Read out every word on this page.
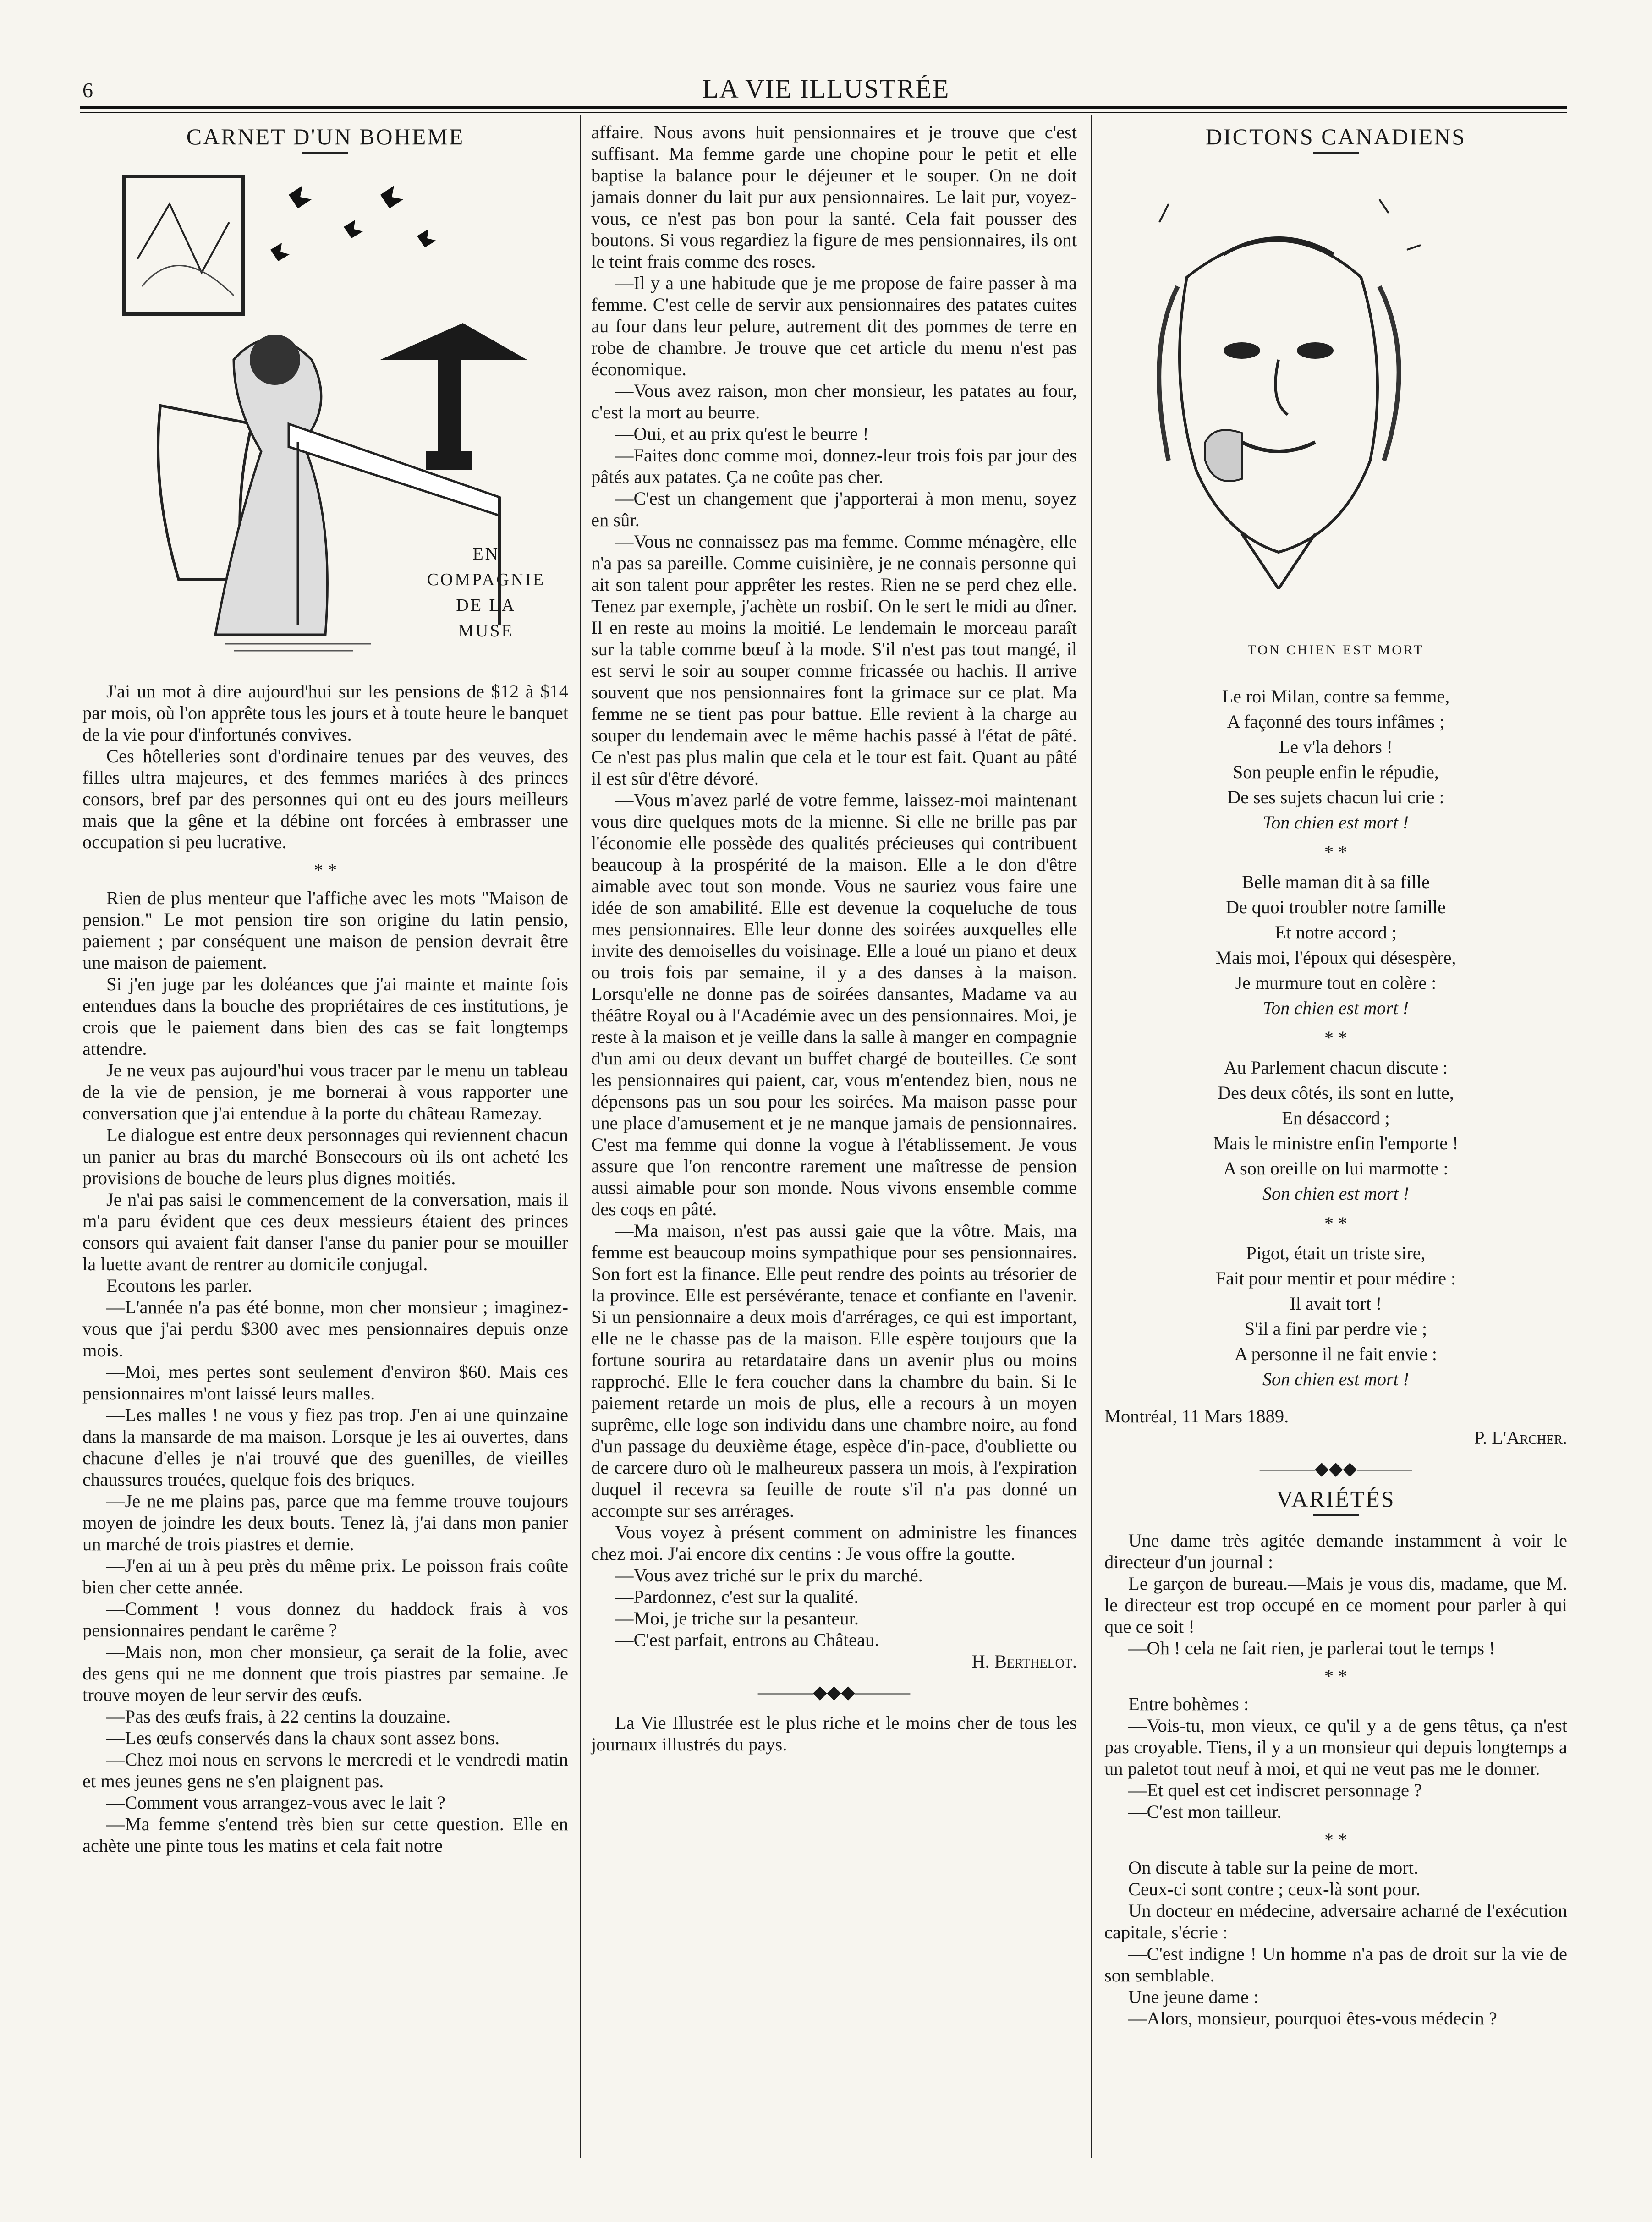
6	LA VIE ILLUSTRÉE
CARNET D'UN BOHEME
EN
COMPAGNIE
DE LA
MUSE

J'ai un mot à dire aujourd'hui sur les pensions de $12 à $14 par mois, où l'on apprête tous les jours et à toute heure le banquet de la vie pour d'infortunés convives.

Ces hôtelleries sont d'ordinaire tenues par des veuves, des filles ultra majeures, et des femmes mariées à des princes consors, bref par des personnes qui ont eu des jours meilleurs mais que la gêne et la débine ont forcées à embrasser une occupation si peu lucrative.

* *

Rien de plus menteur que l'affiche avec les mots "Maison de pension." Le mot pension tire son origine du latin pensio, paiement ; par conséquent une maison de pension devrait être une maison de paiement.

Si j'en juge par les doléances que j'ai mainte et mainte fois entendues dans la bouche des propriétaires de ces institutions, je crois que le paiement dans bien des cas se fait longtemps attendre.

Je ne veux pas aujourd'hui vous tracer par le menu un tableau de la vie de pension, je me bornerai à vous rapporter une conversation que j'ai entendue à la porte du château Ramezay.

Le dialogue est entre deux personnages qui reviennent chacun un panier au bras du marché Bonsecours où ils ont acheté les provisions de bouche de leurs plus dignes moitiés.

Je n'ai pas saisi le commencement de la conversation, mais il m'a paru évident que ces deux messieurs étaient des princes consors qui avaient fait danser l'anse du panier pour se mouiller la luette avant de rentrer au domicile conjugal.

Ecoutons les parler.

—L'année n'a pas été bonne, mon cher monsieur ; imaginez-vous que j'ai perdu $300 avec mes pensionnaires depuis onze mois.

—Moi, mes pertes sont seulement d'environ $60. Mais ces pensionnaires m'ont laissé leurs malles.

—Les malles ! ne vous y fiez pas trop. J'en ai une quinzaine dans la mansarde de ma maison. Lorsque je les ai ouvertes, dans chacune d'elles je n'ai trouvé que des guenilles, de vieilles chaussures trouées, quelque fois des briques.

—Je ne me plains pas, parce que ma femme trouve toujours moyen de joindre les deux bouts. Tenez là, j'ai dans mon panier un marché de trois piastres et demie.

—J'en ai un à peu près du même prix. Le poisson frais coûte bien cher cette année.

—Comment ! vous donnez du haddock frais à vos pensionnaires pendant le carême ?

—Mais non, mon cher monsieur, ça serait de la folie, avec des gens qui ne me donnent que trois piastres par semaine. Je trouve moyen de leur servir des œufs.

—Pas des œufs frais, à 22 centins la douzaine.

—Les œufs conservés dans la chaux sont assez bons.

—Chez moi nous en servons le mercredi et le vendredi matin et mes jeunes gens ne s'en plaignent pas.

—Comment vous arrangez-vous avec le lait ?

—Ma femme s'entend très bien sur cette question. Elle en achète une pinte tous les matins et cela fait notre

affaire. Nous avons huit pensionnaires et je trouve que c'est suffisant. Ma femme garde une chopine pour le petit et elle baptise la balance pour le déjeuner et le souper. On ne doit jamais donner du lait pur aux pensionnaires. Le lait pur, voyez-vous, ce n'est pas bon pour la santé. Cela fait pousser des boutons. Si vous regardiez la figure de mes pensionnaires, ils ont le teint frais comme des roses.

—Il y a une habitude que je me propose de faire passer à ma femme. C'est celle de servir aux pensionnaires des patates cuites au four dans leur pelure, autrement dit des pommes de terre en robe de chambre. Je trouve que cet article du menu n'est pas économique.

—Vous avez raison, mon cher monsieur, les patates au four, c'est la mort au beurre.

—Oui, et au prix qu'est le beurre !

—Faites donc comme moi, donnez-leur trois fois par jour des pâtés aux patates. Ça ne coûte pas cher.

—C'est un changement que j'apporterai à mon menu, soyez en sûr.

—Vous ne connaissez pas ma femme. Comme ménagère, elle n'a pas sa pareille. Comme cuisinière, je ne connais personne qui ait son talent pour apprêter les restes. Rien ne se perd chez elle. Tenez par exemple, j'achète un rosbif. On le sert le midi au dîner. Il en reste au moins la moitié. Le lendemain le morceau paraît sur la table comme bœuf à la mode. S'il n'est pas tout mangé, il est servi le soir au souper comme fricassée ou hachis. Il arrive souvent que nos pensionnaires font la grimace sur ce plat. Ma femme ne se tient pas pour battue. Elle revient à la charge au souper du lendemain avec le même hachis passé à l'état de pâté. Ce n'est pas plus malin que cela et le tour est fait. Quant au pâté il est sûr d'être dévoré.

—Vous m'avez parlé de votre femme, laissez-moi maintenant vous dire quelques mots de la mienne. Si elle ne brille pas par l'économie elle possède des qualités précieuses qui contribuent beaucoup à la prospérité de la maison. Elle a le don d'être aimable avec tout son monde. Vous ne sauriez vous faire une idée de son amabilité. Elle est devenue la coqueluche de tous mes pensionnaires. Elle leur donne des soirées auxquelles elle invite des demoiselles du voisinage. Elle a loué un piano et deux ou trois fois par semaine, il y a des danses à la maison. Lorsqu'elle ne donne pas de soirées dansantes, Madame va au théâtre Royal ou à l'Académie avec un des pensionnaires. Moi, je reste à la maison et je veille dans la salle à manger en compagnie d'un ami ou deux devant un buffet chargé de bouteilles. Ce sont les pensionnaires qui paient, car, vous m'entendez bien, nous ne dépensons pas un sou pour les soirées. Ma maison passe pour une place d'amusement et je ne manque jamais de pensionnaires. C'est ma femme qui donne la vogue à l'établissement. Je vous assure que l'on rencontre rarement une maîtresse de pension aussi aimable pour son monde. Nous vivons ensemble comme des coqs en pâté.

—Ma maison, n'est pas aussi gaie que la vôtre. Mais, ma femme est beaucoup moins sympathique pour ses pensionnaires. Son fort est la finance. Elle peut rendre des points au trésorier de la province. Elle est persévérante, tenace et confiante en l'avenir. Si un pensionnaire a deux mois d'arrérages, ce qui est important, elle ne le chasse pas de la maison. Elle espère toujours que la fortune sourira au retardataire dans un avenir plus ou moins rapproché. Elle le fera coucher dans la chambre du bain. Si le paiement retarde un mois de plus, elle a recours à un moyen suprême, elle loge son individu dans une chambre noire, au fond d'un passage du deuxième étage, espèce d'in-pace, d'oubliette ou de carcere duro où le malheureux passera un mois, à l'expiration duquel il recevra sa feuille de route s'il n'a pas donné un accompte sur ses arrérages.

Vous voyez à présent comment on administre les finances chez moi. J'ai encore dix centins : Je vous offre la goutte.

—Vous avez triché sur le prix du marché.

—Pardonnez, c'est sur la qualité.

—Moi, je triche sur la pesanteur.

—C'est parfait, entrons au Château.

H. Berthelot.
———◆◆◆———

La Vie Illustrée est le plus riche et le moins cher de tous les journaux illustrés du pays.

DICTONS CANADIENS
TON CHIEN EST MORT
Le roi Milan, contre sa femme,
A façonné des tours infâmes ;
Le v'la dehors !
Son peuple enfin le répudie,
De ses sujets chacun lui crie :
Ton chien est mort !
* *
Belle maman dit à sa fille
De quoi troubler notre famille
Et notre accord ;
Mais moi, l'époux qui désespère,
Je murmure tout en colère :
Ton chien est mort !
* *
Au Parlement chacun discute :
Des deux côtés, ils sont en lutte,
En désaccord ;
Mais le ministre enfin l'emporte !
A son oreille on lui marmotte :
Son chien est mort !
* *
Pigot, était un triste sire,
Fait pour mentir et pour médire :
Il avait tort !
S'il a fini par perdre vie ;
A personne il ne fait envie :
Son chien est mort !

Montréal, 11 Mars 1889.

P. L'Archer.
———◆◆◆———
VARIÉTÉS

Une dame très agitée demande instamment à voir le directeur d'un journal :

Le garçon de bureau.—Mais je vous dis, madame, que M. le directeur est trop occupé en ce moment pour parler à qui que ce soit !

—Oh ! cela ne fait rien, je parlerai tout le temps !

* *

Entre bohèmes :

—Vois-tu, mon vieux, ce qu'il y a de gens têtus, ça n'est pas croyable. Tiens, il y a un monsieur qui depuis longtemps a un paletot tout neuf à moi, et qui ne veut pas me le donner.

—Et quel est cet indiscret personnage ?

—C'est mon tailleur.

* *

On discute à table sur la peine de mort.

Ceux-ci sont contre ; ceux-là sont pour.

Un docteur en médecine, adversaire acharné de l'exécution capitale, s'écrie :

—C'est indigne ! Un homme n'a pas de droit sur la vie de son semblable.

Une jeune dame :

—Alors, monsieur, pourquoi êtes-vous médecin ?
